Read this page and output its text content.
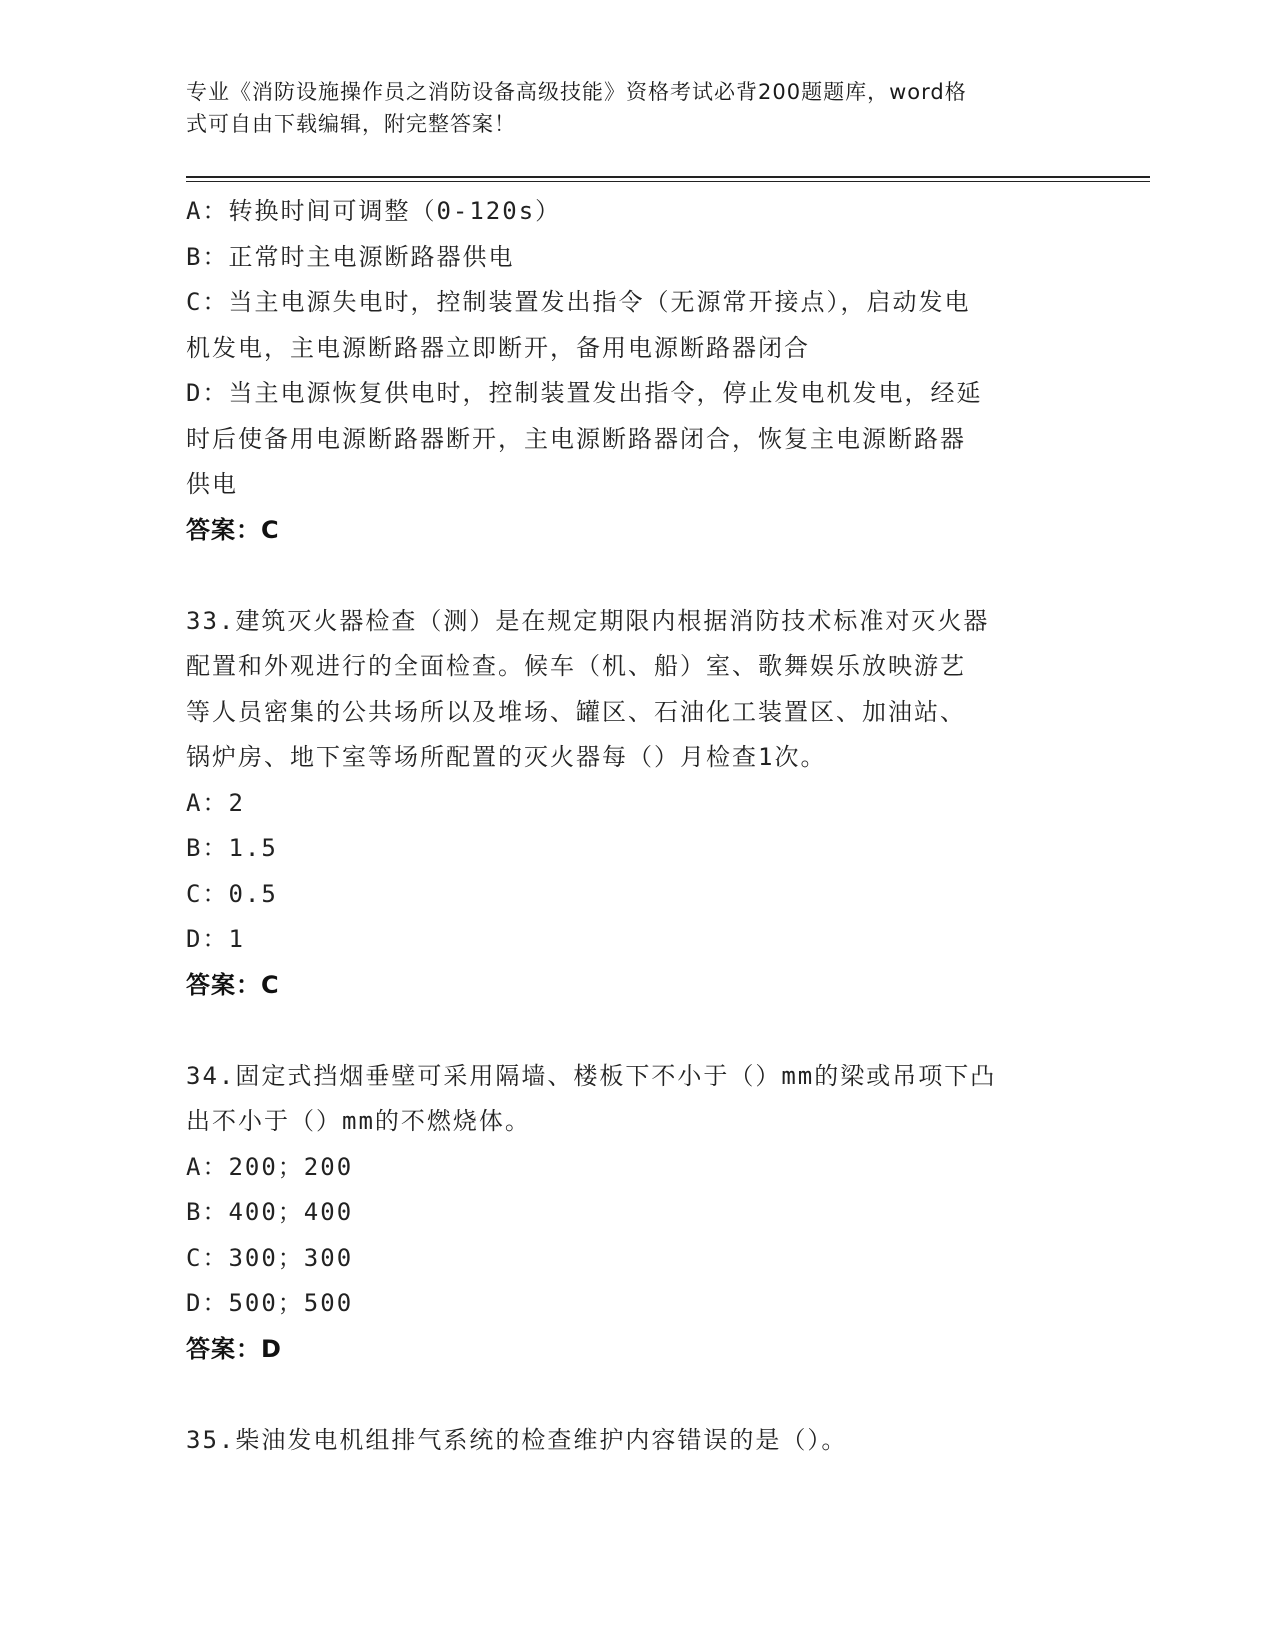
专业《消防设施操作员之消防设备高级技能》资格考试必背200题题库，word格
式可自由下载编辑，附完整答案！
A：转换时间可调整（0-120s）
B：正常时主电源断路器供电
C：当主电源失电时，控制装置发出指令（无源常开接点），启动发电
机发电，主电源断路器立即断开，备用电源断路器闭合
D：当主电源恢复供电时，控制装置发出指令，停止发电机发电，经延
时后使备用电源断路器断开，主电源断路器闭合，恢复主电源断路器
供电
答案：C
33.建筑灭火器检查（测）是在规定期限内根据消防技术标准对灭火器
配置和外观进行的全面检查。候车（机、船）室、歌舞娱乐放映游艺
等人员密集的公共场所以及堆场、罐区、石油化工装置区、加油站、
锅炉房、地下室等场所配置的灭火器每（）月检查1次。
A：2
B：1.5
C：0.5
D：1
答案：C
34.固定式挡烟垂壁可采用隔墙、楼板下不小于（）mm的梁或吊项下凸
出不小于（）mm的不燃烧体。
A：200；200
B：400；400
C：300；300
D：500；500
答案：D
35.柴油发电机组排气系统的检查维护内容错误的是（）。
